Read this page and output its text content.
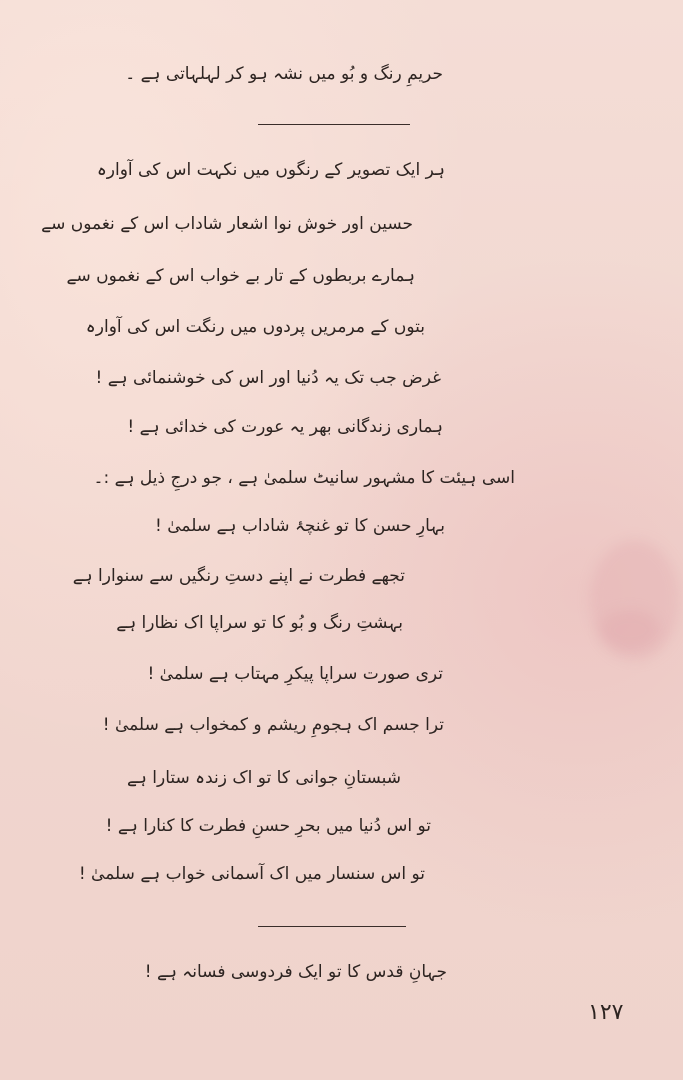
حریمِ رنگ و بُو میں نشہ ہو کر لہلہاتی ہے ۔
ہر ایک تصویر کے رنگوں میں نکہت اس کی آوارہ
حسین اور خوش نوا اشعار شاداب اس کے نغموں سے
ہمارے بربطوں کے تار بے خواب اس کے نغموں سے
بتوں کے مرمریں پردوں میں رنگت اس کی آوارہ
غرض جب تک یہ دُنیا اور اس کی خوشنمائی ہے !
ہماری زندگانی بھر یہ عورت کی خدائی ہے !
اسی ہیئت کا مشہور سانیٹ سلمیٰ ہے ، جو درجِ ذیل ہے :۔
بہارِ حسن کا تو غنچۂ شاداب ہے سلمیٰ !
تجھے فطرت نے اپنے دستِ رنگیں سے سنوارا ہے
بہشتِ رنگ و بُو کا تو سراپا اک نظارا ہے
تری صورت سراپا پیکرِ مہتاب ہے سلمیٰ !
ترا جسم اک ہجومِ ریشم و کمخواب ہے سلمیٰ !
شبستانِ جوانی کا تو اک زندہ ستارا ہے
تو اس دُنیا میں بحرِ حسنِ فطرت کا کنارا ہے !
تو اس سنسار میں اک آسمانی خواب ہے سلمیٰ !
جہانِ قدس کا تو ایک فردوسی فسانہ ہے !
۱۲۷
